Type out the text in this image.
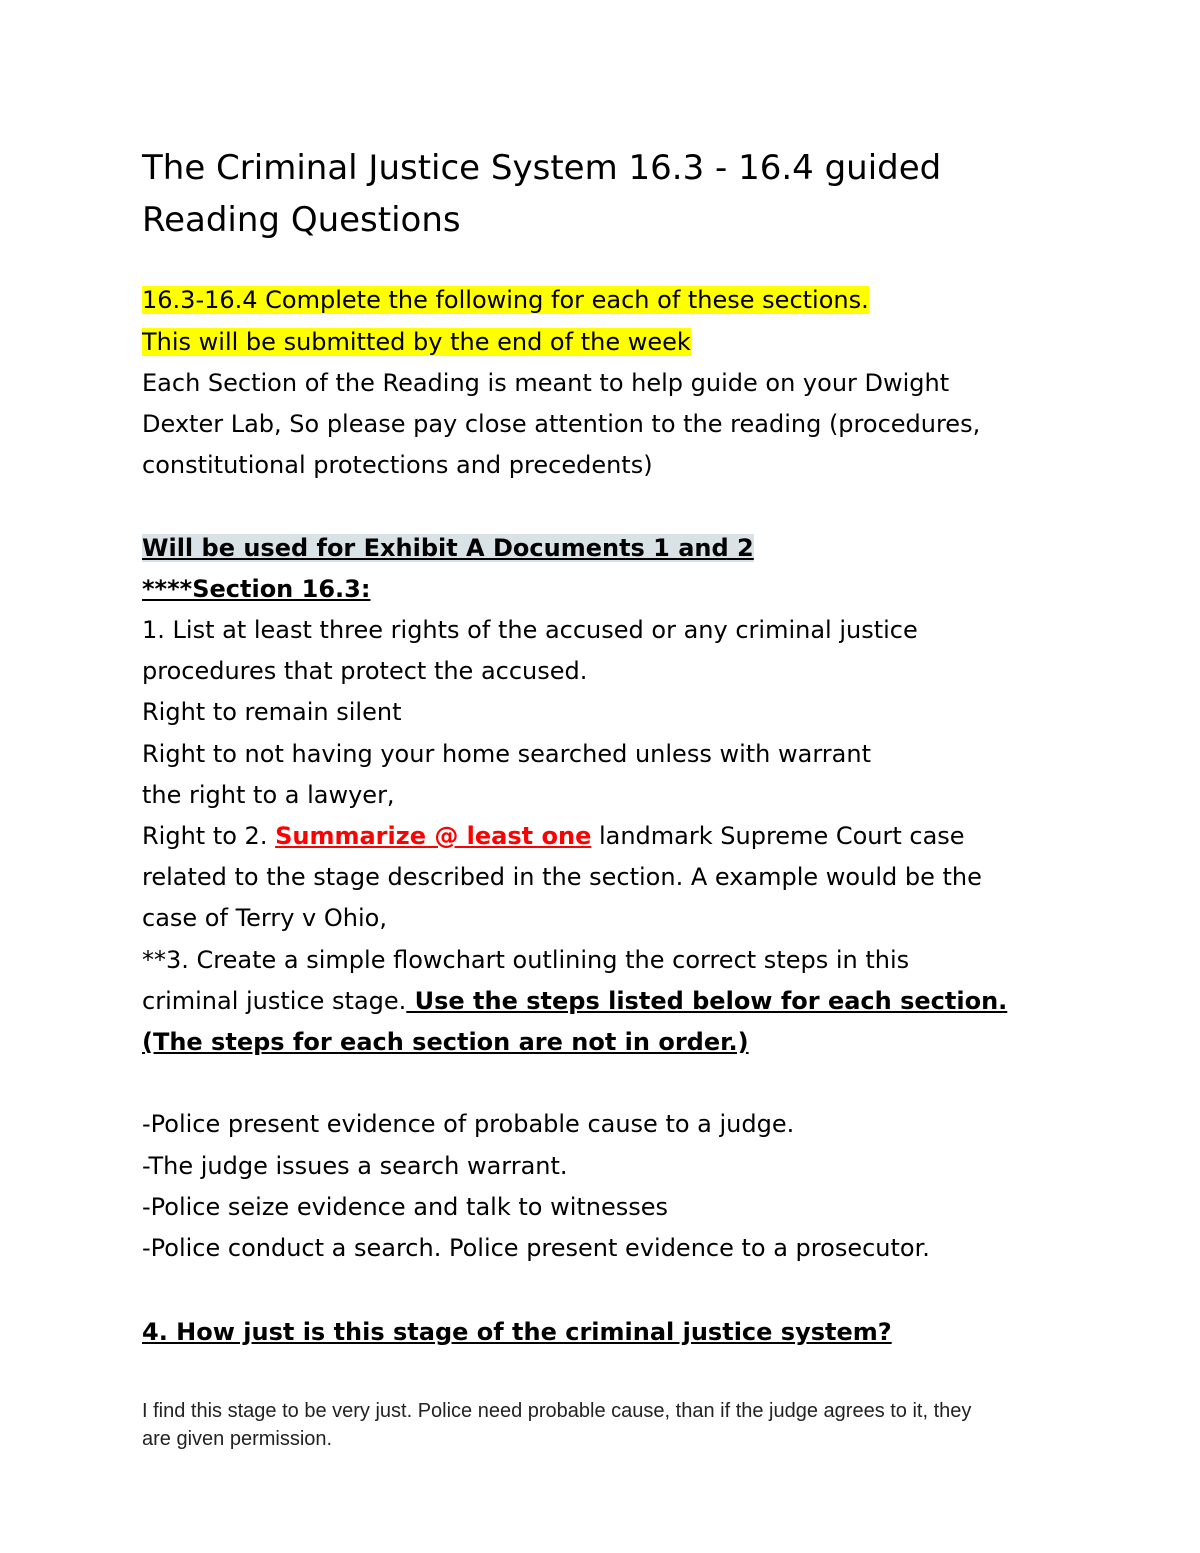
The Criminal Justice System 16.3 - 16.4 guided
Reading Questions
16.3-16.4 Complete the following for each of these sections.
This will be submitted by the end of the week
Each Section of the Reading is meant to help guide on your Dwight
Dexter Lab, So please pay close attention to the reading (procedures,
constitutional protections and precedents)
Will be used for Exhibit A Documents 1 and 2
****Section 16.3:
1. List at least three rights of the accused or any criminal justice
procedures that protect the accused.
Right to remain silent
Right to not having your home searched unless with warrant
the right to a lawyer,
Right to 2. Summarize @ least one landmark Supreme Court case
related to the stage described in the section. A example would be the
case of Terry v Ohio,
**3. Create a simple flowchart outlining the correct steps in this
criminal justice stage. Use the steps listed below for each section.
(The steps for each section are not in order.)
-Police present evidence of probable cause to a judge.
-The judge issues a search warrant.
-Police seize evidence and talk to witnesses
-Police conduct a search. Police present evidence to a prosecutor.
4. How just is this stage of the criminal justice system?
I find this stage to be very just. Police need probable cause, than if the judge agrees to it, they
are given permission.
